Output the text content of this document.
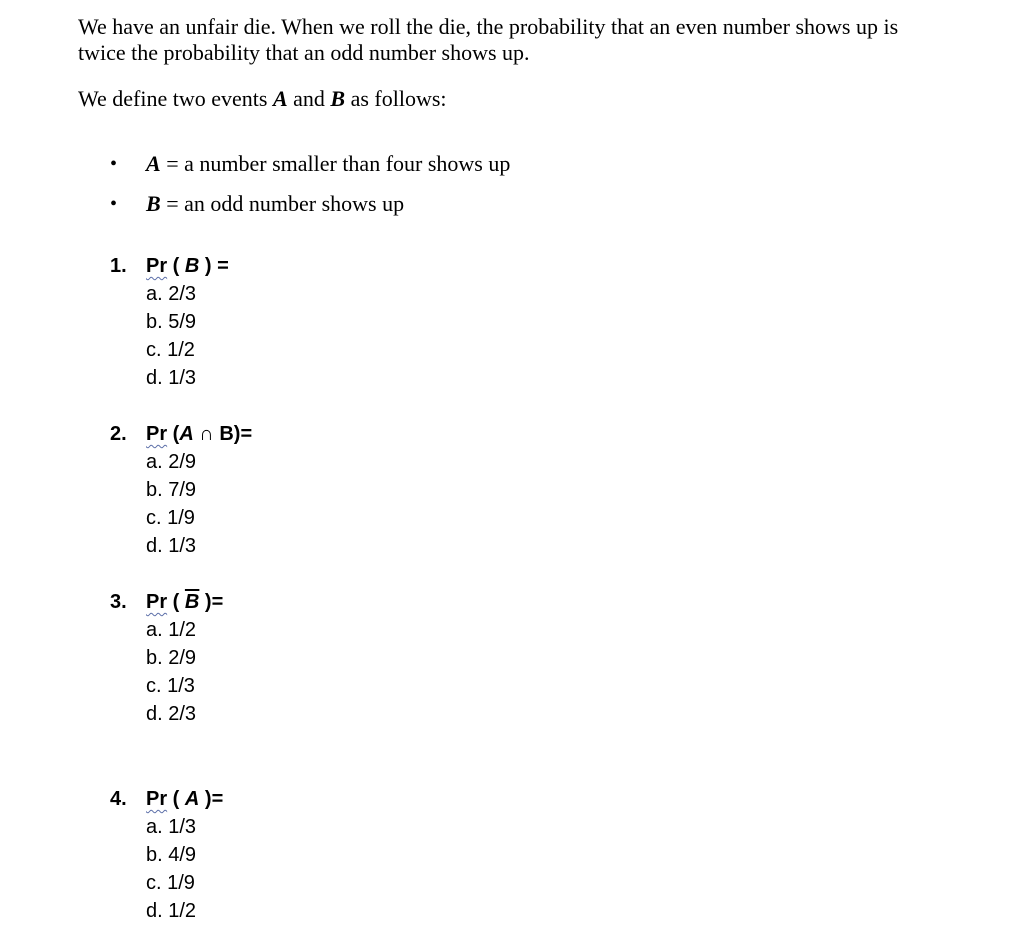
We have an unfair die. When we roll the die, the probability that an even number shows up is

twice the probability that an odd number shows up.

We define two events A and B as follows:
• A = a number smaller than four shows up
• B = an odd number shows up
1. Pr ( B ) =
a. 2/3
b. 5/9
c. 1/2
d. 1/3
2. Pr (A ∩ B)=
a. 2/9
b. 7/9
c. 1/9
d. 1/3
3. Pr ( $\overline{B}$ )=
a. 1/2
b. 2/9
c. 1/3
d. 2/3
4. Pr ( A )=
a. 1/3
b. 4/9
c. 1/9
d. 1/2
